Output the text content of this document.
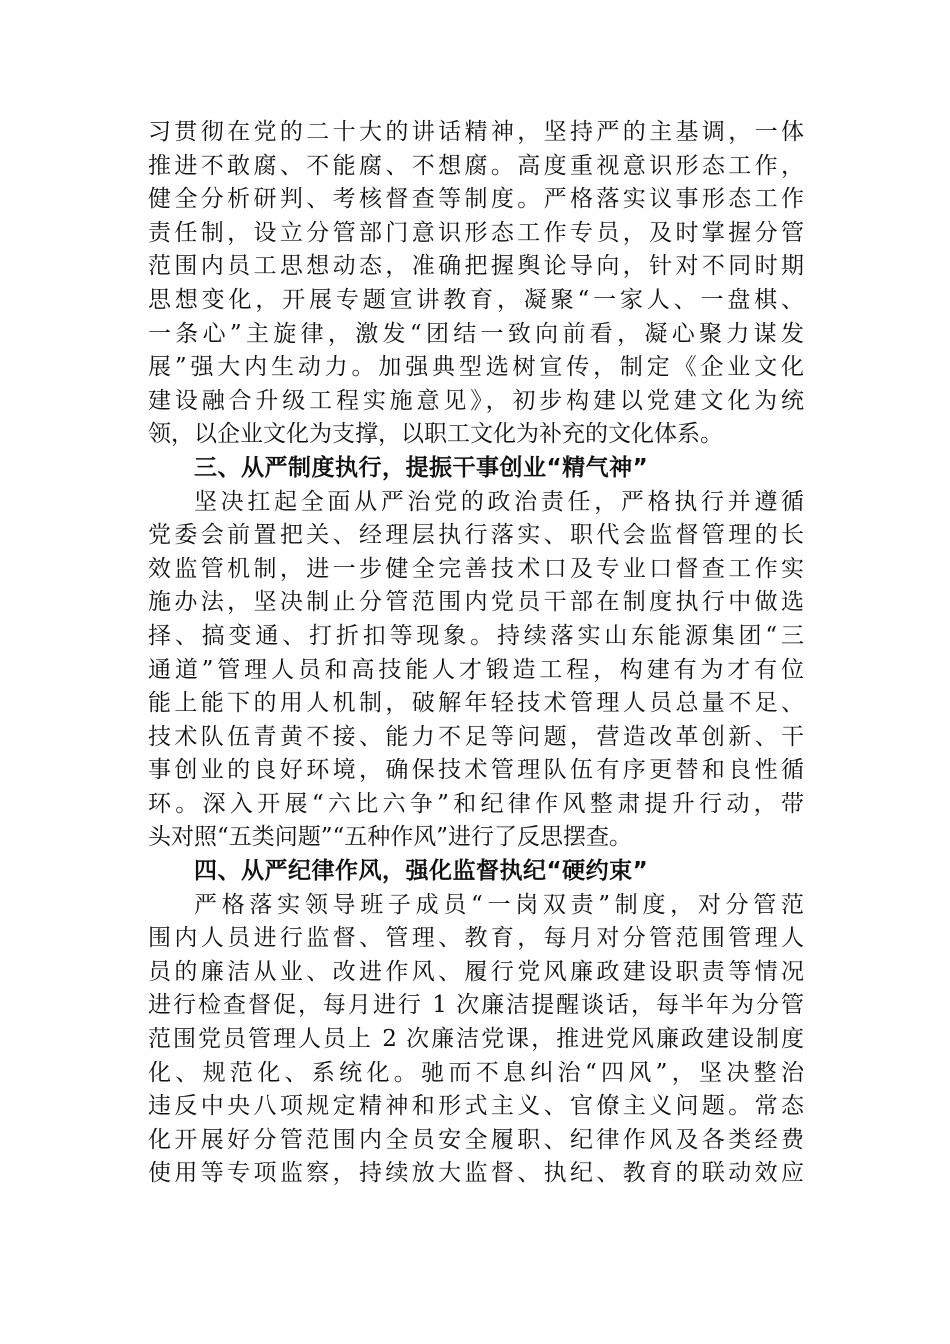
习贯彻在党的二十大的讲话精神，坚持严的主基调，一体
推进不敢腐、不能腐、不想腐。高度重视意识形态工作，
健全分析研判、考核督查等制度。严格落实议事形态工作
责任制，设立分管部门意识形态工作专员，及时掌握分管
范围内员工思想动态，准确把握舆论导向，针对不同时期
思想变化，开展专题宣讲教育，凝聚“一家人、一盘棋、
一条心”主旋律，激发“团结一致向前看，凝心聚力谋发
展”强大内生动力。加强典型选树宣传，制定《企业文化
建设融合升级工程实施意见》，初步构建以党建文化为统
领，以企业文化为支撑，以职工文化为补充的文化体系。
三、从严制度执行，提振干事创业“精气神”
坚决扛起全面从严治党的政治责任，严格执行并遵循
党委会前置把关、经理层执行落实、职代会监督管理的长
效监管机制，进一步健全完善技术口及专业口督查工作实
施办法，坚决制止分管范围内党员干部在制度执行中做选
择、搞变通、打折扣等现象。持续落实山东能源集团“三
通道”管理人员和高技能人才锻造工程，构建有为才有位
能上能下的用人机制，破解年轻技术管理人员总量不足、
技术队伍青黄不接、能力不足等问题，营造改革创新、干
事创业的良好环境，确保技术管理队伍有序更替和良性循
环。深入开展“六比六争”和纪律作风整肃提升行动，带
头对照“五类问题”“五种作风”进行了反思摆查。
四、从严纪律作风，强化监督执纪“硬约束”
严格落实领导班子成员“一岗双责”制度，对分管范
围内人员进行监督、管理、教育，每月对分管范围管理人
员的廉洁从业、改进作风、履行党风廉政建设职责等情况
进行检查督促，每月进行 1 次廉洁提醒谈话，每半年为分管
范围党员管理人员上 2 次廉洁党课，推进党风廉政建设制度
化、规范化、系统化。驰而不息纠治“四风”，坚决整治
违反中央八项规定精神和形式主义、官僚主义问题。常态
化开展好分管范围内全员安全履职、纪律作风及各类经费
使用等专项监察，持续放大监督、执纪、教育的联动效应
